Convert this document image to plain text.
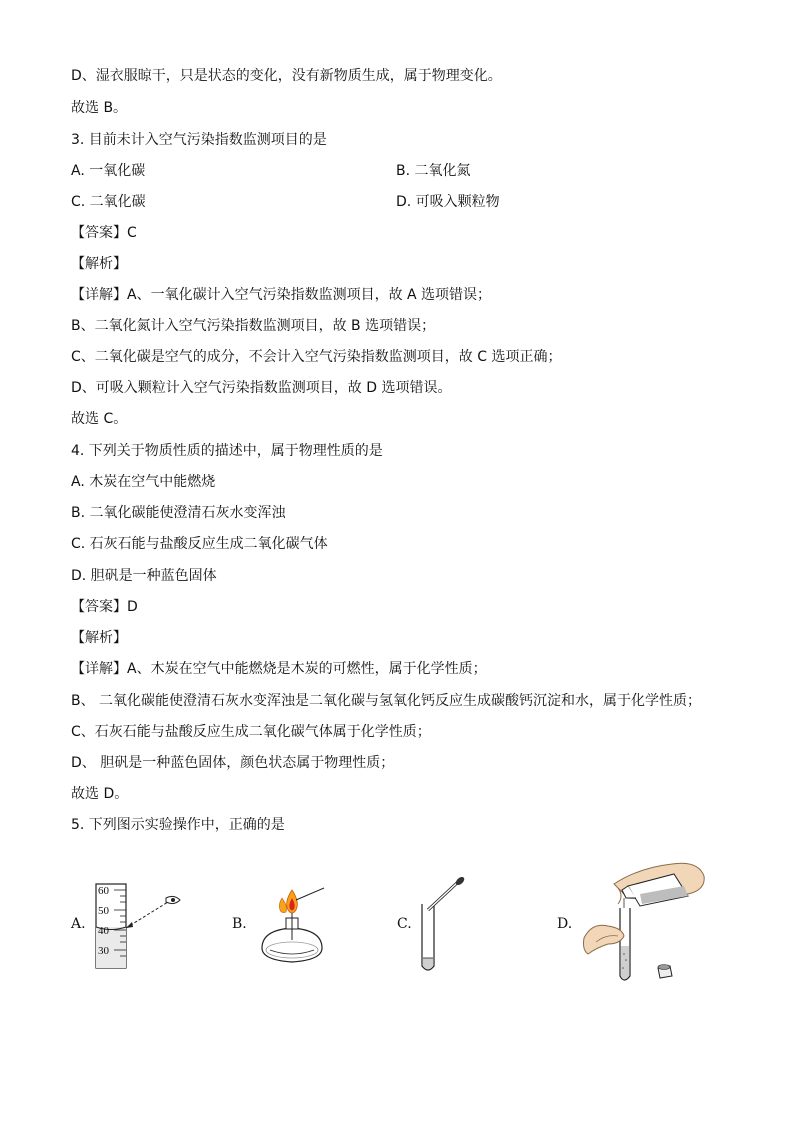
D、湿衣服晾干，只是状态的变化，没有新物质生成，属于物理变化。
故选 B。
3. 目前未计入空气污染指数监测项目的是
A. 一氧化碳	B. 二氧化氮
C. 二氧化碳	D. 可吸入颗粒物
【答案】C
【解析】
【详解】A、一氧化碳计入空气污染指数监测项目，故 A 选项错误；
B、二氧化氮计入空气污染指数监测项目，故 B 选项错误；
C、二氧化碳是空气的成分，不会计入空气污染指数监测项目，故 C 选项正确；
D、可吸入颗粒计入空气污染指数监测项目，故 D 选项错误。
故选 C。
4. 下列关于物质性质的描述中，属于物理性质的是
A. 木炭在空气中能燃烧
B. 二氧化碳能使澄清石灰水变浑浊
C. 石灰石能与盐酸反应生成二氧化碳气体
D. 胆矾是一种蓝色固体
【答案】D
【解析】
【详解】A、木炭在空气中能燃烧是木炭的可燃性，属于化学性质；
B、 二氧化碳能使澄清石灰水变浑浊是二氧化碳与氢氧化钙反应生成碳酸钙沉淀和水，属于化学性质；
C、石灰石能与盐酸反应生成二氧化碳气体属于化学性质；
D、 胆矾是一种蓝色固体，颜色状态属于物理性质；
故选 D。
5. 下列图示实验操作中，正确的是
A.
60
50
40
30
B.	C.	D.
